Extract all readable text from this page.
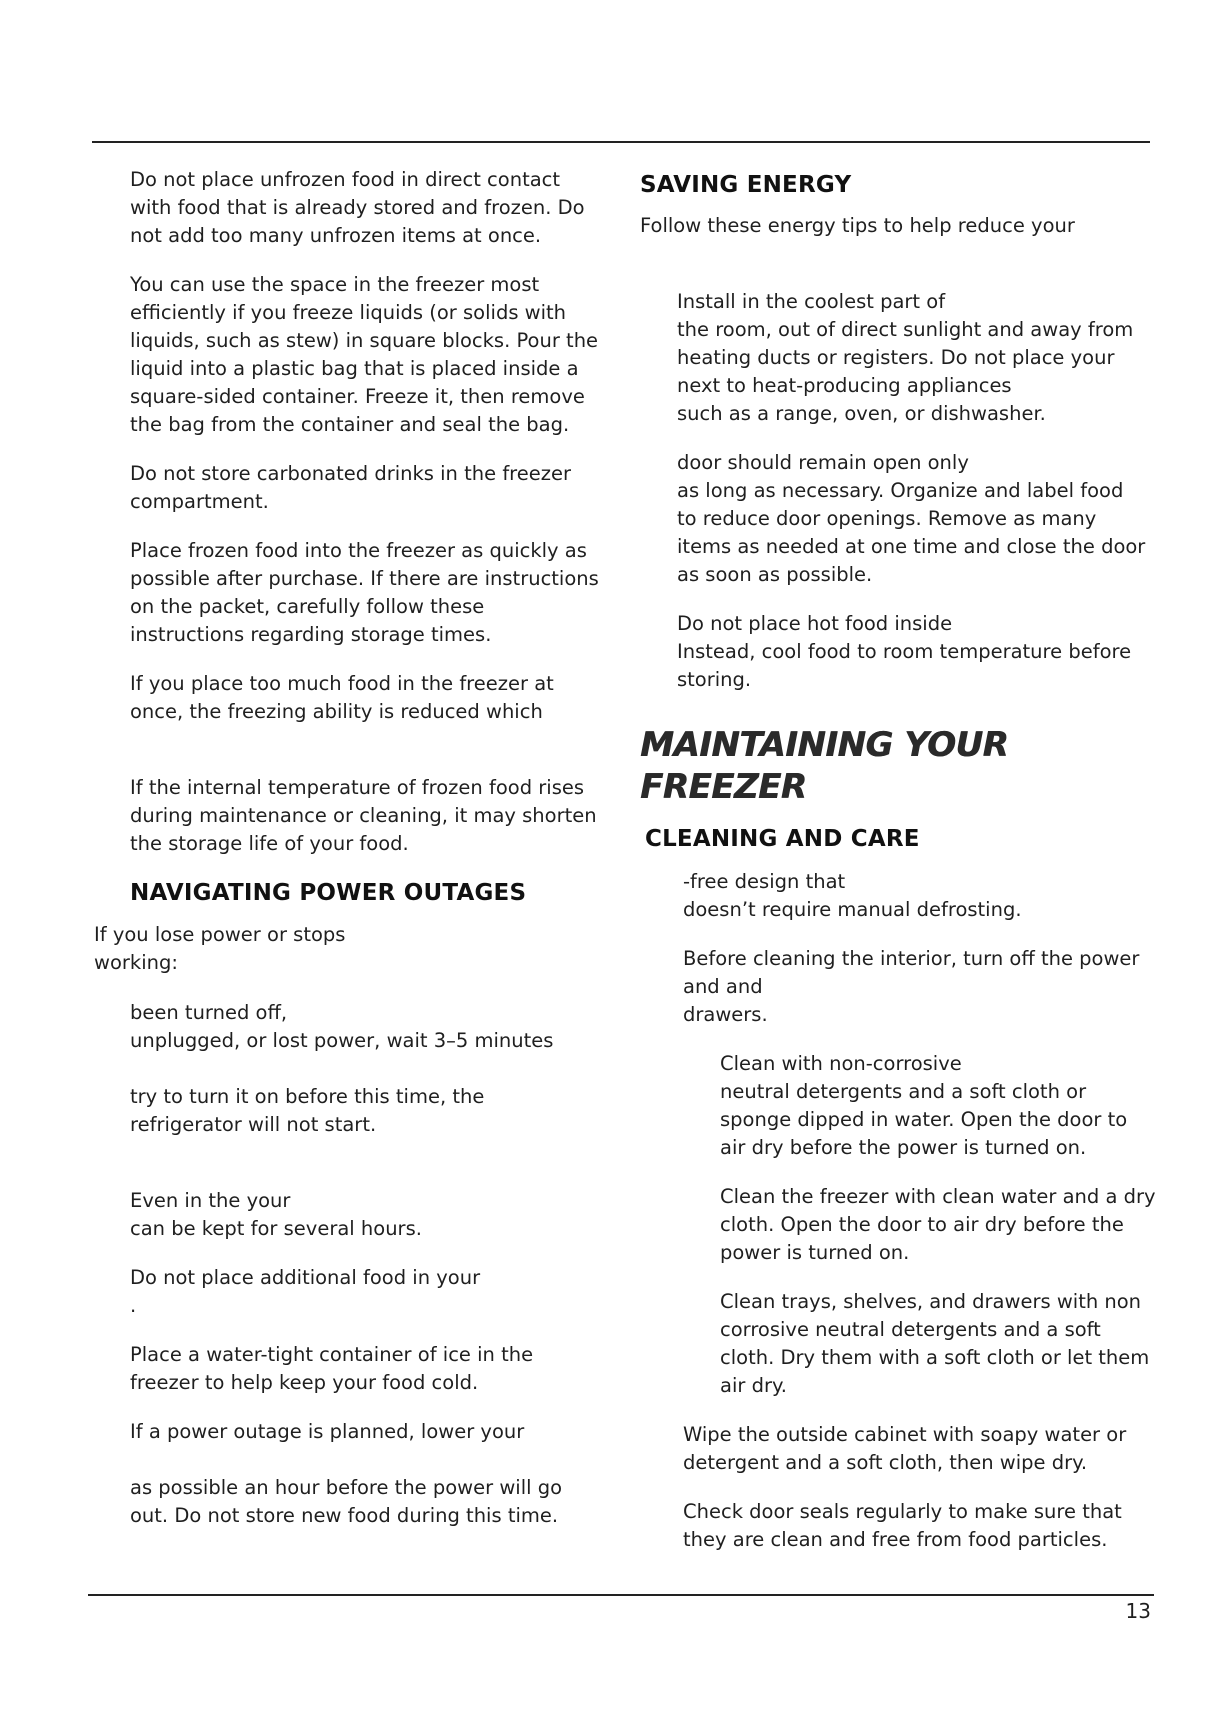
Do not place unfrozen food in direct contact
with food that is already stored and frozen. Do
not add too many unfrozen items at once.

You can use the space in the freezer most
efficiently if you freeze liquids (or solids with
liquids, such as stew) in square blocks. Pour the
liquid into a plastic bag that is placed inside a
square-sided container. Freeze it, then remove
the bag from the container and seal the bag.

Do not store carbonated drinks in the freezer
compartment.

Place frozen food into the freezer as quickly as
possible after purchase. If there are instructions
on the packet, carefully follow these
instructions regarding storage times.

If you place too much food in the freezer at
once, the freezing ability is reduced which

If the internal temperature of frozen food rises
during maintenance or cleaning, it may shorten
the storage life of your food.

NAVIGATING POWER OUTAGES

If you lose power or stops
working:

been turned off,
unplugged, or lost power, wait 3–5 minutes

try to turn it on before this time, the
refrigerator will not start.

Even in the your
can be kept for several hours.

Do not place additional food in your
.

Place a water-tight container of ice in the
freezer to help keep your food cold.

If a power outage is planned, lower your

as possible an hour before the power will go
out. Do not store new food during this time.

SAVING ENERGY

Follow these energy tips to help reduce your

Install in the coolest part of
the room, out of direct sunlight and away from
heating ducts or registers. Do not place your
next to heat-producing appliances
such as a range, oven, or dishwasher.

door should remain open only
as long as necessary. Organize and label food
to reduce door openings. Remove as many
items as needed at one time and close the door
as soon as possible.

Do not place hot food inside
Instead, cool food to room temperature before
storing.

MAINTAINING YOUR
FREEZER
CLEANING AND CARE

-free design that
doesn’t require manual defrosting.

Before cleaning the interior, turn off the power
and and
drawers.

Clean with non-corrosive
neutral detergents and a soft cloth or
sponge dipped in water. Open the door to
air dry before the power is turned on.

Clean the freezer with clean water and a dry
cloth. Open the door to air dry before the
power is turned on.

Clean trays, shelves, and drawers with non
corrosive neutral detergents and a soft
cloth. Dry them with a soft cloth or let them
air dry.

Wipe the outside cabinet with soapy water or
detergent and a soft cloth, then wipe dry.

Check door seals regularly to make sure that
they are clean and free from food particles.

13
